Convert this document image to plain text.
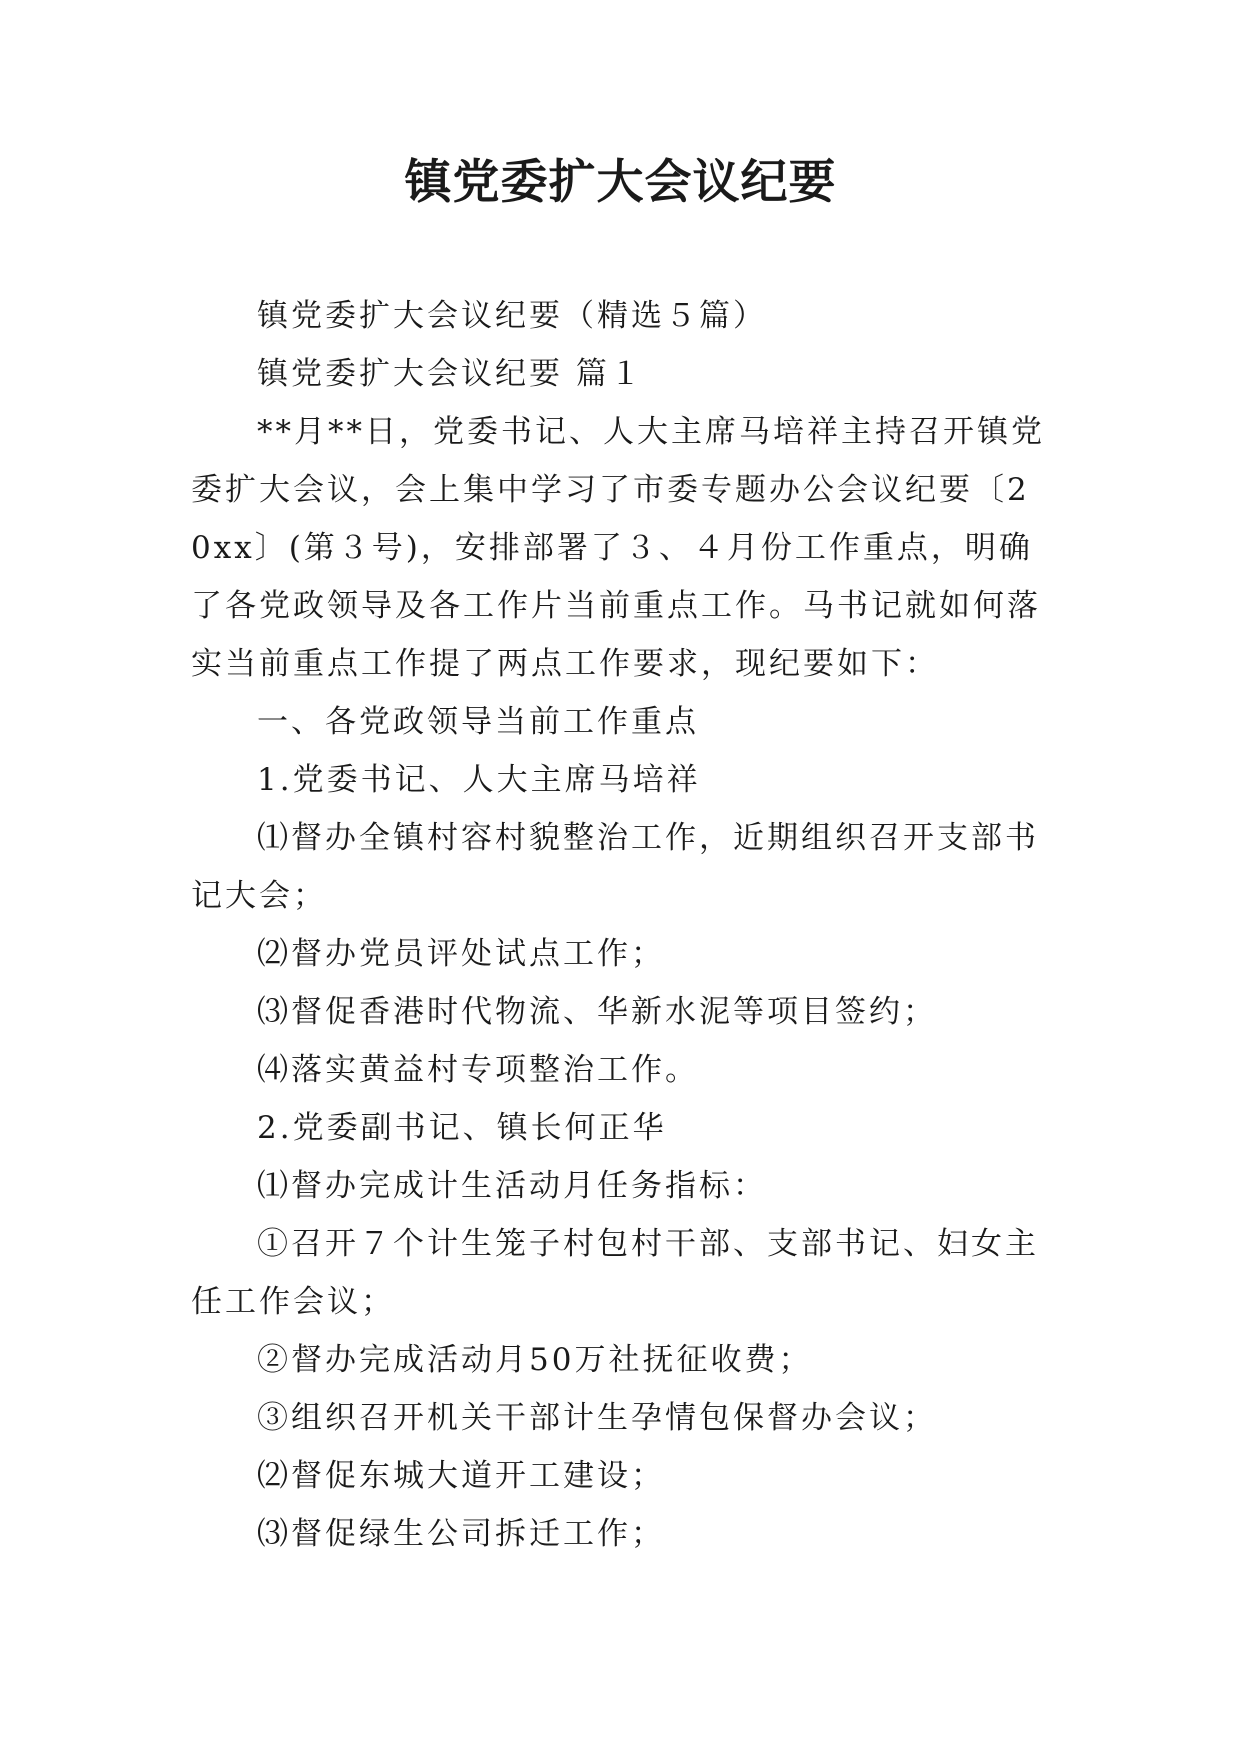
镇党委扩大会议纪要

镇党委扩大会议纪要（精选５篇）

镇党委扩大会议纪要 篇１

**月**日，党委书记、人大主席马培祥主持召开镇党委扩大会议，会上集中学习了市委专题办公会议纪要〔20xx〕(第３号)，安排部署了３、４月份工作重点，明确了各党政领导及各工作片当前重点工作。马书记就如何落实当前重点工作提了两点工作要求，现纪要如下：

一、各党政领导当前工作重点

1.党委书记、人大主席马培祥

⑴督办全镇村容村貌整治工作，近期组织召开支部书记大会；

⑵督办党员评处试点工作；

⑶督促香港时代物流、华新水泥等项目签约；

⑷落实黄益村专项整治工作。

2.党委副书记、镇长何正华

⑴督办完成计生活动月任务指标：

①召开７个计生笼子村包村干部、支部书记、妇女主任工作会议；

②督办完成活动月50万社抚征收费；

③组织召开机关干部计生孕情包保督办会议；

⑵督促东城大道开工建设；

⑶督促绿生公司拆迁工作；
